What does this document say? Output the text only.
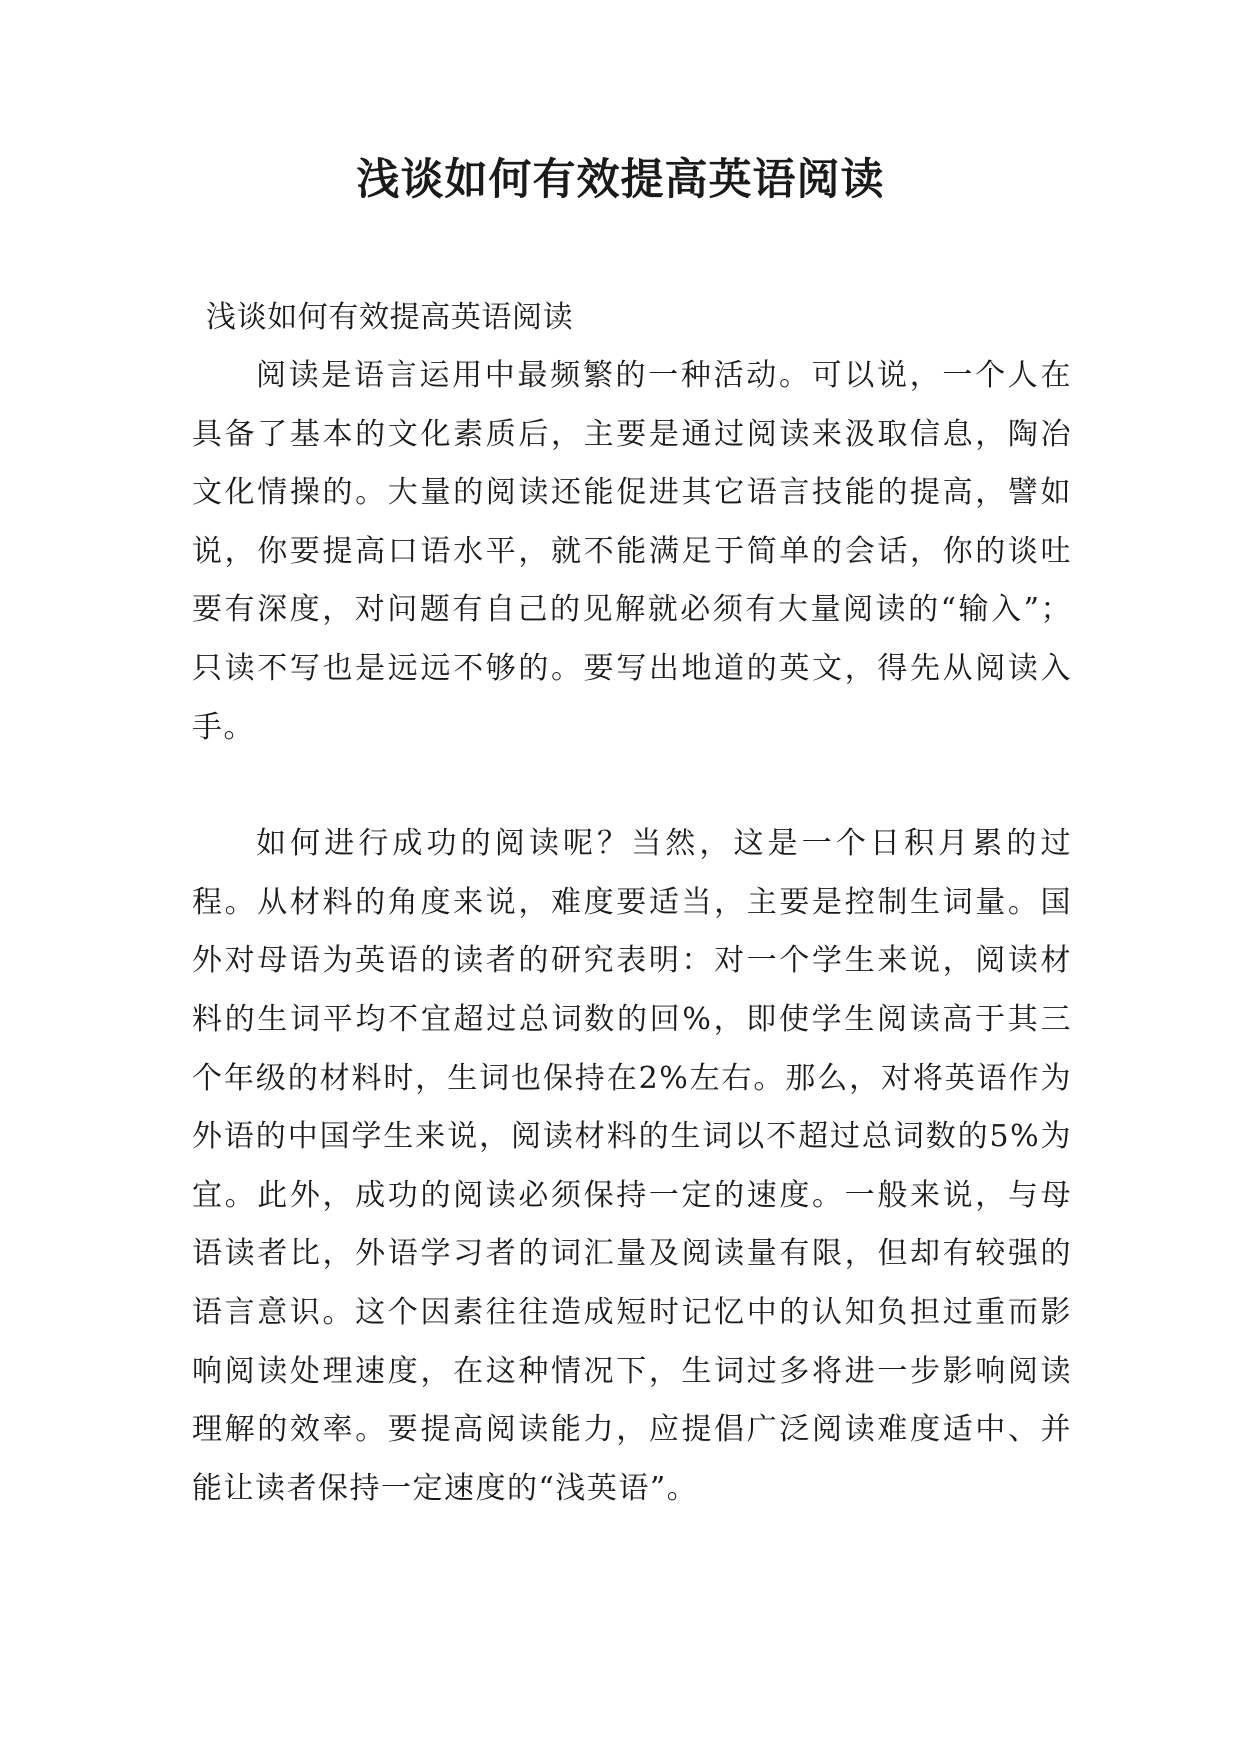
浅谈如何有效提高英语阅读

浅谈如何有效提高英语阅读

阅读是语言运用中最频繁的一种活动。可以说，一个人在具备了基本的文化素质后，主要是通过阅读来汲取信息，陶冶文化情操的。大量的阅读还能促进其它语言技能的提高，譬如说，你要提高口语水平，就不能满足于简单的会话，你的谈吐要有深度，对问题有自己的见解就必须有大量阅读的“输入”；只读不写也是远远不够的。要写出地道的英文，得先从阅读入手。

如何进行成功的阅读呢？当然，这是一个日积月累的过程。从材料的角度来说，难度要适当，主要是控制生词量。国外对母语为英语的读者的研究表明：对一个学生来说，阅读材料的生词平均不宜超过总词数的回%，即使学生阅读高于其三个年级的材料时，生词也保持在2%左右。那么，对将英语作为外语的中国学生来说，阅读材料的生词以不超过总词数的5%为宜。此外，成功的阅读必须保持一定的速度。一般来说，与母语读者比，外语学习者的词汇量及阅读量有限，但却有较强的语言意识。这个因素往往造成短时记忆中的认知负担过重而影响阅读处理速度，在这种情况下，生词过多将进一步影响阅读理解的效率。要提高阅读能力，应提倡广泛阅读难度适中、并能让读者保持一定速度的“浅英语”。
